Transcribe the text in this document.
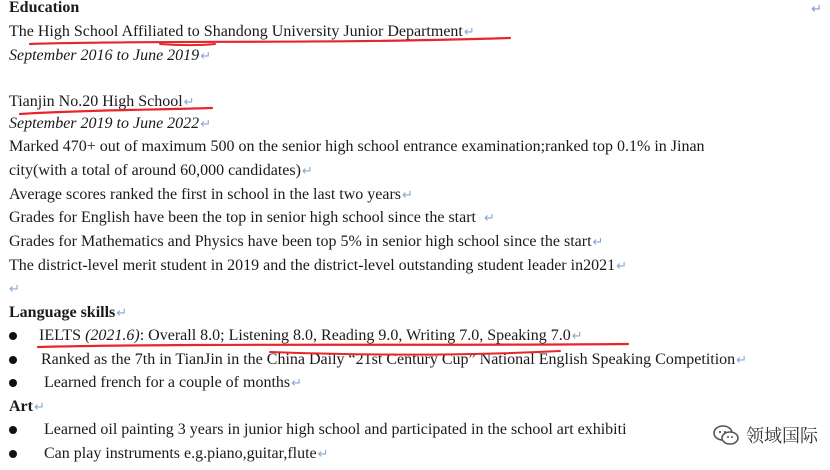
Education	↵
The High School Affiliated to Shandong University Junior Department↵
September 2016 to June 2019↵
Tianjin No.20 High School↵
September 2019 to June 2022↵
Marked 470+ out of maximum 500 on the senior high school entrance examination;ranked top 0.1% in Jinan
city(with a total of around 60,000 candidates)↵
Average scores ranked the first in school in the last two years↵
Grades for English have been the top in senior high school since the start ↵
Grades for Mathematics and Physics have been top 5% in senior high school since the start↵
The district-level merit student in 2019 and the district-level outstanding student leader in2021↵
↵
Language skills↵
IELTS (2021.6): Overall 8.0; Listening 8.0, Reading 9.0, Writing 7.0, Speaking 7.0↵
Ranked as the 7th in TianJin in the China Daily “21st Century Cup” National English Speaking Competition↵
Learned french for a couple of months↵
Art↵
Learned oil painting 3 years in junior high school and participated in the school art exhibiti
Can play instruments e.g.piano,guitar,flute↵
领域国际
